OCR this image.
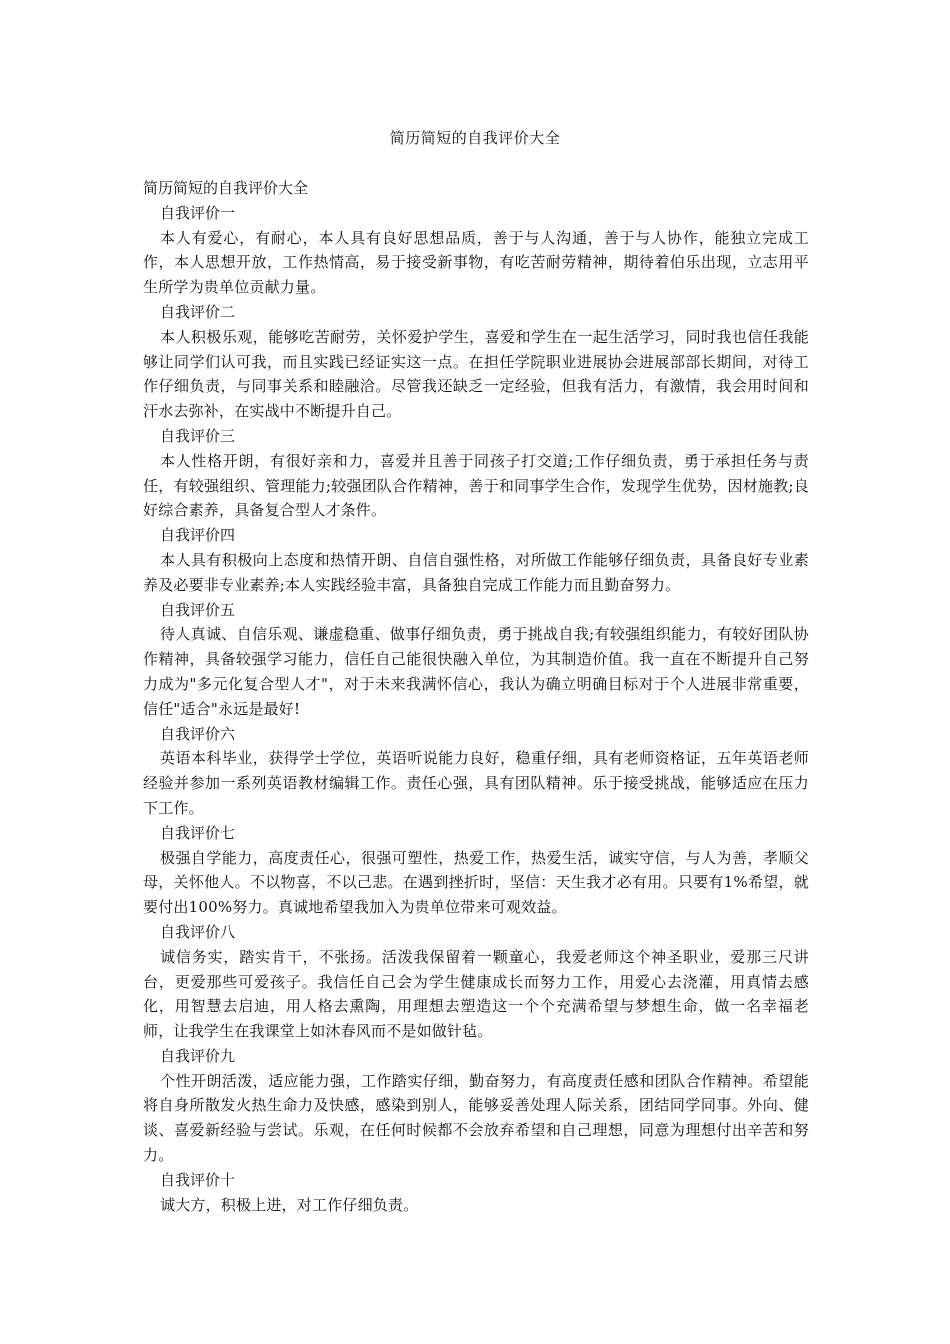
简历简短的自我评价大全

简历简短的自我评价大全

自我评价一

本人有爱心，有耐心，本人具有良好思想品质，善于与人沟通，善于与人协作，能独立完成工作，本人思想开放，工作热情高，易于接受新事物，有吃苦耐劳精神，期待着伯乐出现，立志用平生所学为贵单位贡献力量。

自我评价二

本人积极乐观，能够吃苦耐劳，关怀爱护学生，喜爱和学生在一起生活学习，同时我也信任我能够让同学们认可我，而且实践已经证实这一点。在担任学院职业进展协会进展部部长期间，对待工作仔细负责，与同事关系和睦融洽。尽管我还缺乏一定经验，但我有活力，有激情，我会用时间和汗水去弥补，在实战中不断提升自己。

自我评价三

本人性格开朗，有很好亲和力，喜爱并且善于同孩子打交道;工作仔细负责，勇于承担任务与责任，有较强组织、管理能力;较强团队合作精神，善于和同事学生合作，发现学生优势，因材施教;良好综合素养，具备复合型人才条件。

自我评价四

本人具有积极向上态度和热情开朗、自信自强性格，对所做工作能够仔细负责，具备良好专业素养及必要非专业素养;本人实践经验丰富，具备独自完成工作能力而且勤奋努力。

自我评价五

待人真诚、自信乐观、谦虚稳重、做事仔细负责，勇于挑战自我;有较强组织能力，有较好团队协作精神，具备较强学习能力，信任自己能很快融入单位，为其制造价值。我一直在不断提升自己努力成为"多元化复合型人才"，对于未来我满怀信心，我认为确立明确目标对于个人进展非常重要，信任"适合"永远是最好!

自我评价六

英语本科毕业，获得学士学位，英语听说能力良好，稳重仔细，具有老师资格证，五年英语老师经验并参加一系列英语教材编辑工作。责任心强，具有团队精神。乐于接受挑战，能够适应在压力下工作。

自我评价七

极强自学能力，高度责任心，很强可塑性，热爱工作，热爱生活，诚实守信，与人为善，孝顺父母，关怀他人。不以物喜，不以己悲。在遇到挫折时，坚信：天生我才必有用。只要有1%希望，就要付出100%努力。真诚地希望我加入为贵单位带来可观效益。

自我评价八

诚信务实，踏实肯干，不张扬。活泼我保留着一颗童心，我爱老师这个神圣职业，爱那三尺讲台，更爱那些可爱孩子。我信任自己会为学生健康成长而努力工作，用爱心去浇灌，用真情去感化，用智慧去启迪，用人格去熏陶，用理想去塑造这一个个充满希望与梦想生命，做一名幸福老师，让我学生在我课堂上如沐春风而不是如做针毡。

自我评价九

个性开朗活泼，适应能力强，工作踏实仔细，勤奋努力，有高度责任感和团队合作精神。希望能将自身所散发火热生命力及快感，感染到别人，能够妥善处理人际关系，团结同学同事。外向、健谈、喜爱新经验与尝试。乐观，在任何时候都不会放弃希望和自己理想，同意为理想付出辛苦和努力。

自我评价十

诚大方，积极上进，对工作仔细负责。
